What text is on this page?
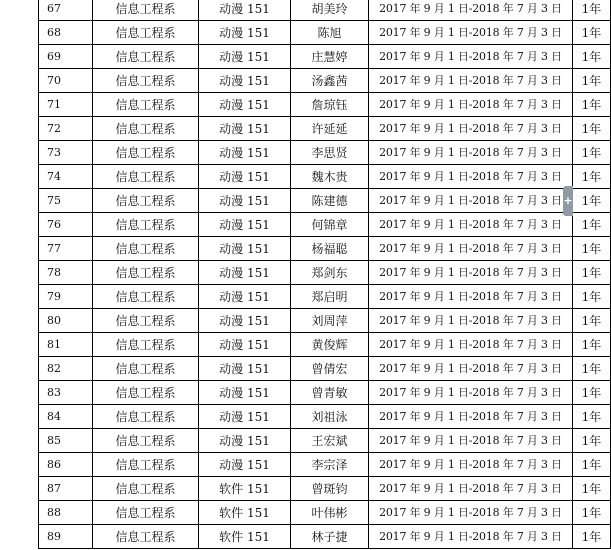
67	信息工程系	动漫 151	胡美玲	2017 年 9 月 1 日-2018 年 7 月 3 日	1年
68	信息工程系	动漫 151	陈旭	2017 年 9 月 1 日-2018 年 7 月 3 日	1年
69	信息工程系	动漫 151	庄慧婷	2017 年 9 月 1 日-2018 年 7 月 3 日	1年
70	信息工程系	动漫 151	汤鑫茜	2017 年 9 月 1 日-2018 年 7 月 3 日	1年
71	信息工程系	动漫 151	詹琼钰	2017 年 9 月 1 日-2018 年 7 月 3 日	1年
72	信息工程系	动漫 151	许延延	2017 年 9 月 1 日-2018 年 7 月 3 日	1年
73	信息工程系	动漫 151	李思贤	2017 年 9 月 1 日-2018 年 7 月 3 日	1年
74	信息工程系	动漫 151	魏木贵	2017 年 9 月 1 日-2018 年 7 月 3 日	1年
75	信息工程系	动漫 151	陈建德	2017 年 9 月 1 日-2018 年 7 月 3 日	1年
76	信息工程系	动漫 151	何锦章	2017 年 9 月 1 日-2018 年 7 月 3 日	1年
77	信息工程系	动漫 151	杨福聪	2017 年 9 月 1 日-2018 年 7 月 3 日	1年
78	信息工程系	动漫 151	郑剑东	2017 年 9 月 1 日-2018 年 7 月 3 日	1年
79	信息工程系	动漫 151	郑启明	2017 年 9 月 1 日-2018 年 7 月 3 日	1年
80	信息工程系	动漫 151	刘周萍	2017 年 9 月 1 日-2018 年 7 月 3 日	1年
81	信息工程系	动漫 151	黄俊辉	2017 年 9 月 1 日-2018 年 7 月 3 日	1年
82	信息工程系	动漫 151	曾倩宏	2017 年 9 月 1 日-2018 年 7 月 3 日	1年
83	信息工程系	动漫 151	曾青敏	2017 年 9 月 1 日-2018 年 7 月 3 日	1年
84	信息工程系	动漫 151	刘祖泳	2017 年 9 月 1 日-2018 年 7 月 3 日	1年
85	信息工程系	动漫 151	王宏斌	2017 年 9 月 1 日-2018 年 7 月 3 日	1年
86	信息工程系	动漫 151	李宗泽	2017 年 9 月 1 日-2018 年 7 月 3 日	1年
87	信息工程系	软件 151	曾斑钧	2017 年 9 月 1 日-2018 年 7 月 3 日	1年
88	信息工程系	软件 151	叶伟彬	2017 年 9 月 1 日-2018 年 7 月 3 日	1年
89	信息工程系	软件 151	林子捷	2017 年 9 月 1 日-2018 年 7 月 3 日	1年
+
